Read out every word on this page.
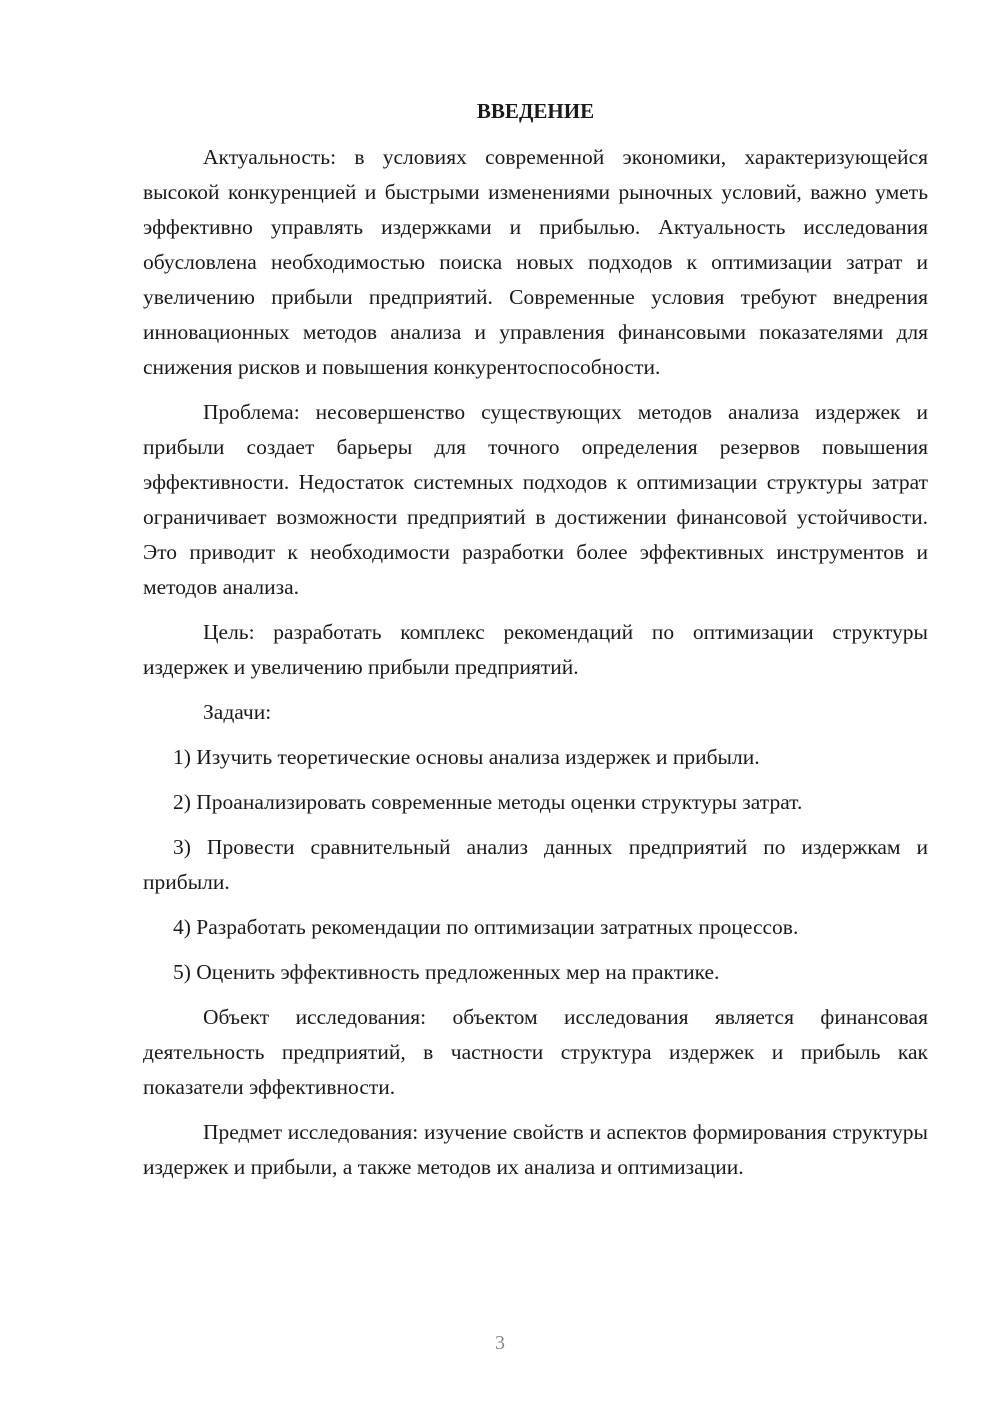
ВВЕДЕНИЕ

Актуальность: в условиях современной экономики, характеризующейся высокой конкуренцией и быстрыми изменениями рыночных условий, важно уметь эффективно управлять издержками и прибылью. Актуальность исследования обусловлена необходимостью поиска новых подходов к оптимизации затрат и увеличению прибыли предприятий. Современные условия требуют внедрения инновационных методов анализа и управления финансовыми показателями для снижения рисков и повышения конкурентоспособности.

Проблема: несовершенство существующих методов анализа издержек и прибыли создает барьеры для точного определения резервов повышения эффективности. Недостаток системных подходов к оптимизации структуры затрат ограничивает возможности предприятий в достижении финансовой устойчивости. Это приводит к необходимости разработки более эффективных инструментов и методов анализа.

Цель: разработать комплекс рекомендаций по оптимизации структуры издержек и увеличению прибыли предприятий.

Задачи:

1) Изучить теоретические основы анализа издержек и прибыли.

2) Проанализировать современные методы оценки структуры затрат.

3) Провести сравнительный анализ данных предприятий по издержкам и прибыли.

4) Разработать рекомендации по оптимизации затратных процессов.

5) Оценить эффективность предложенных мер на практике.

Объект исследования: объектом исследования является финансовая деятельность предприятий, в частности структура издержек и прибыль как показатели эффективности.

Предмет исследования: изучение свойств и аспектов формирования структуры издержек и прибыли, а также методов их анализа и оптимизации.

3
